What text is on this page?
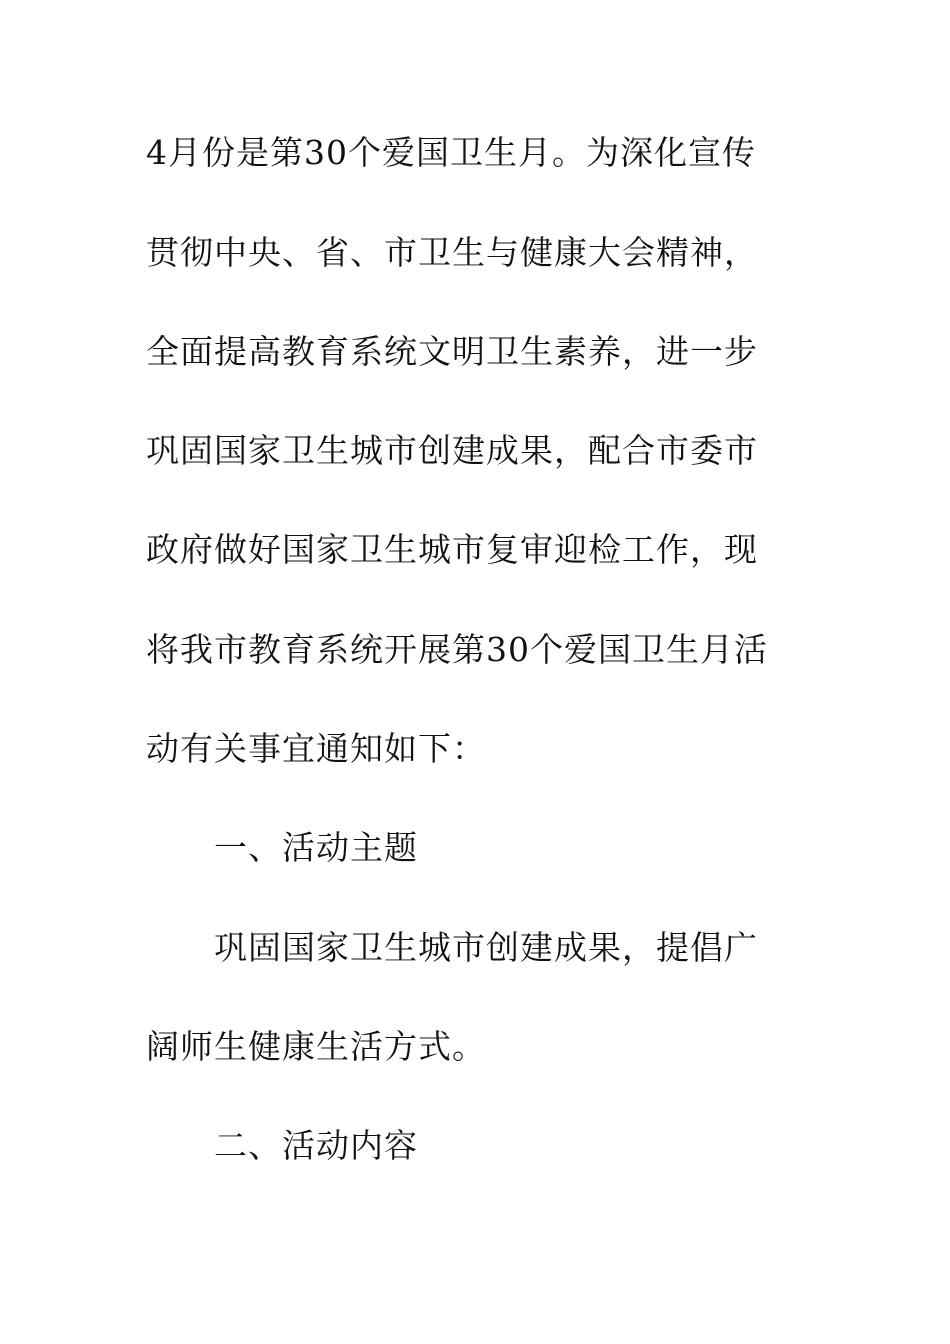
4月份是第30个爱国卫生月。为深化宣传
贯彻中央、省、市卫生与健康大会精神，
全面提高教育系统文明卫生素养，进一步
巩固国家卫生城市创建成果，配合市委市
政府做好国家卫生城市复审迎检工作，现
将我市教育系统开展第30个爱国卫生月活
动有关事宜通知如下：
一、活动主题
巩固国家卫生城市创建成果，提倡广
阔师生健康生活方式。
二、活动内容
